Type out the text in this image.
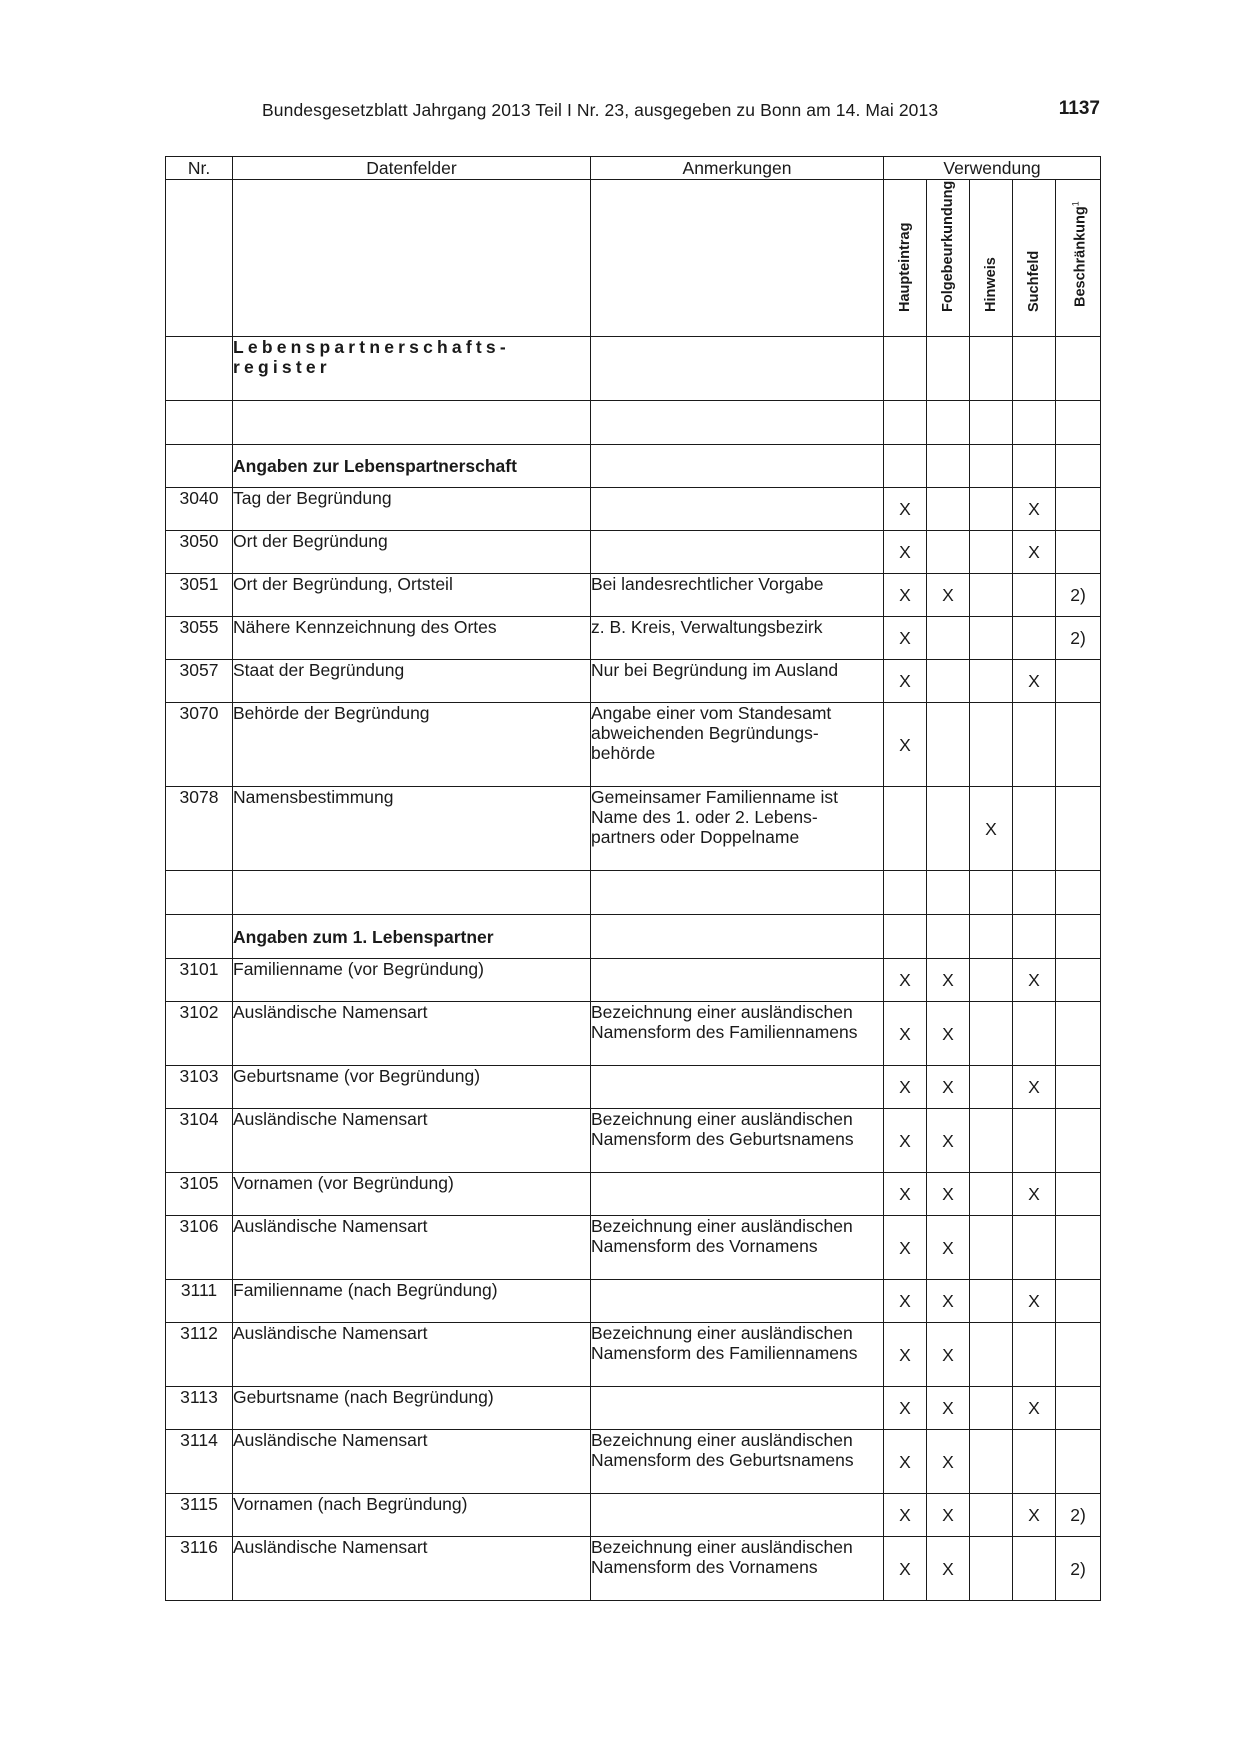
Bundesgesetzblatt Jahrgang 2013 Teil I Nr. 23, ausgegeben zu Bonn am 14. Mai 2013	1137
Nr.	Datenfelder	Anmerkungen	Verwendung				

			Haupteintrag	Folgebeurkundung	Hinweis	Suchfeld	Beschränkung$^1$

	Lebenspartnerschafts-
register						

	Angaben zur Lebenspartnerschaft						
3040	Tag der Begründung		X			X	
3050	Ort der Begründung		X			X	
3051	Ort der Begründung, Ortsteil	Bei landesrechtlicher Vorgabe	X	X			2)
3055	Nähere Kennzeichnung des Ortes	z. B. Kreis, Verwaltungsbezirk	X				2)
3057	Staat der Begründung	Nur bei Begründung im Ausland	X			X	
3070	Behörde der Begründung	Angabe einer vom Standesamt
abweichenden Begründungs-
behörde	X				
3078	Namensbestimmung	Gemeinsamer Familienname ist
Name des 1. oder 2. Lebens-
partners oder Doppelname			X		

	Angaben zum 1. Lebenspartner						
3101	Familienname (vor Begründung)		X	X		X	
3102	Ausländische Namensart	Bezeichnung einer ausländischen
Namensform des Familiennamens	X	X			
3103	Geburtsname (vor Begründung)		X	X		X	
3104	Ausländische Namensart	Bezeichnung einer ausländischen
Namensform des Geburtsnamens	X	X			
3105	Vornamen (vor Begründung)		X	X		X	
3106	Ausländische Namensart	Bezeichnung einer ausländischen
Namensform des Vornamens	X	X			
3111	Familienname (nach Begründung)		X	X		X	
3112	Ausländische Namensart	Bezeichnung einer ausländischen
Namensform des Familiennamens	X	X			
3113	Geburtsname (nach Begründung)		X	X		X	
3114	Ausländische Namensart	Bezeichnung einer ausländischen
Namensform des Geburtsnamens	X	X			
3115	Vornamen (nach Begründung)		X	X		X	2)
3116	Ausländische Namensart	Bezeichnung einer ausländischen
Namensform des Vornamens	X	X			2)
